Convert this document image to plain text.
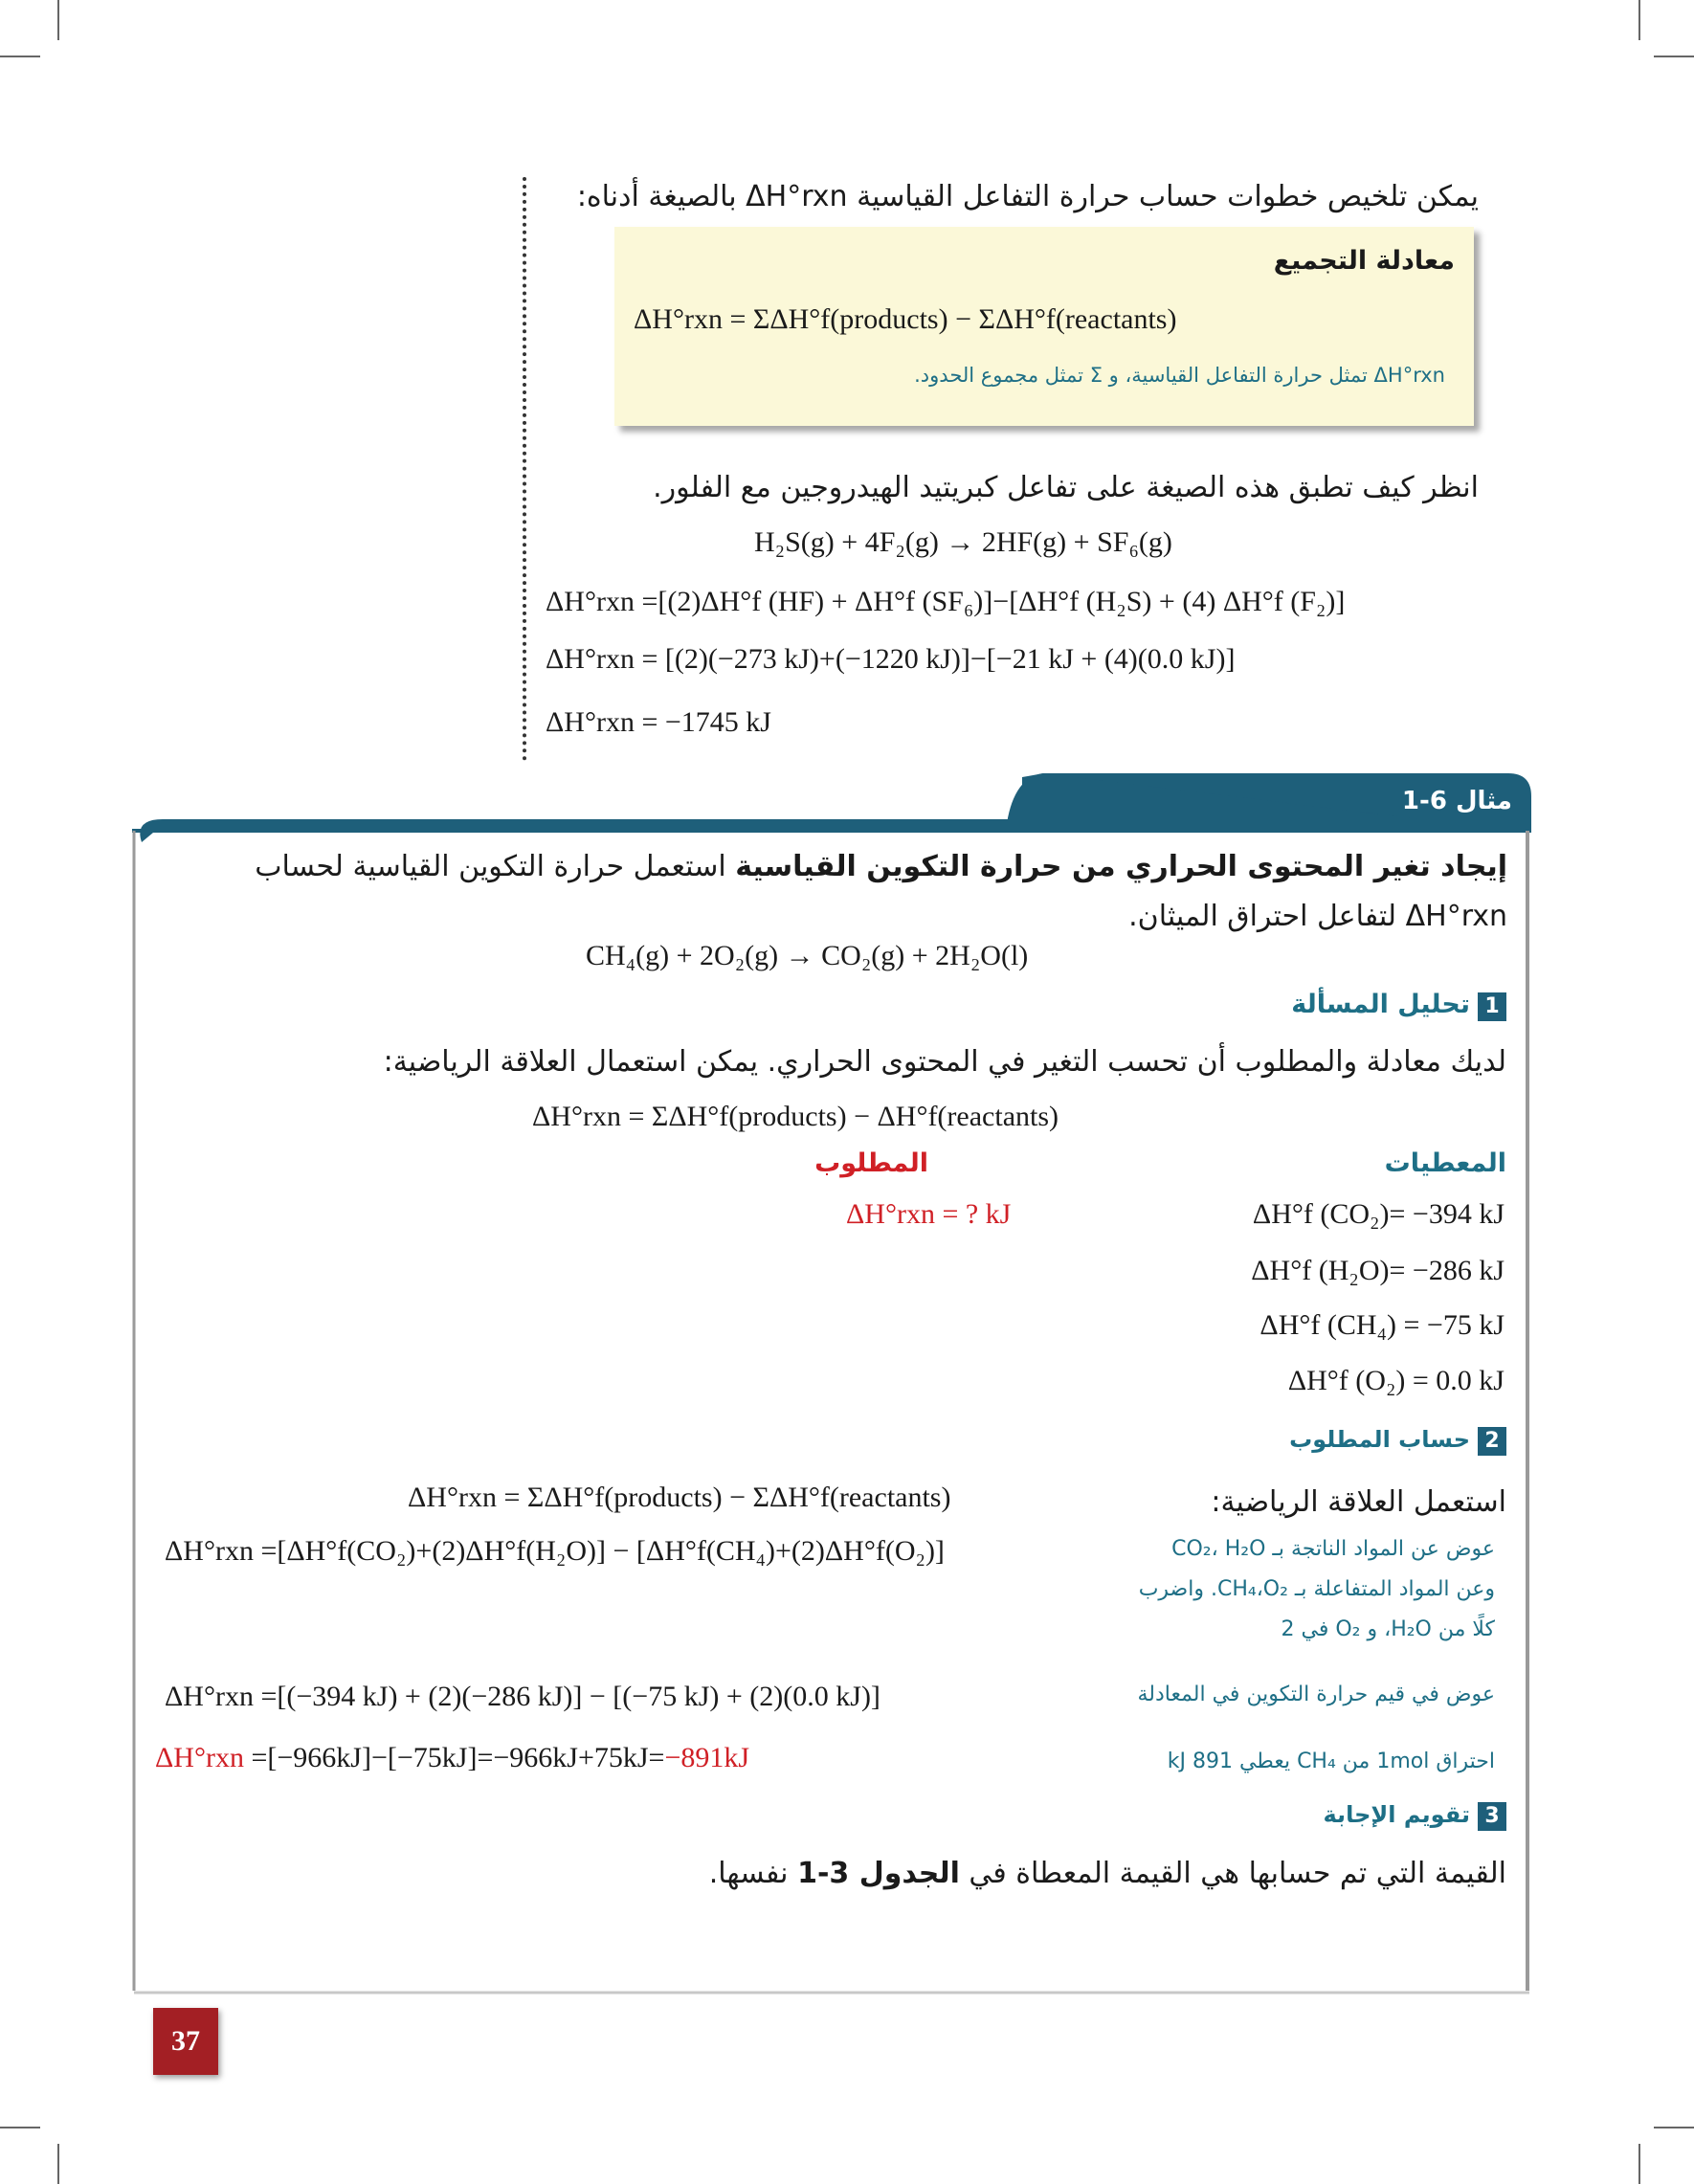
يمكن تلخيص خطوات حساب حرارة التفاعل القياسية ΔH°rxn بالصيغة أدناه:
معادلة التجميع
ΔH°rxn = ΣΔH°f(products) − ΣΔH°f(reactants)
ΔH°rxn تمثل حرارة التفاعل القياسية، و Σ تمثل مجموع الحدود.
انظر كيف تطبق هذه الصيغة على تفاعل كبريتيد الهيدروجين مع الفلور.
H₂S(g) + 4F₂(g) → 2HF(g) + SF₆(g)
ΔH°rxn =[(2)ΔH°f (HF) + ΔH°f (SF₆)]−[ΔH°f (H₂S) + (4) ΔH°f (F₂)]
ΔH°rxn = [(2)(−273 kJ)+(−1220 kJ)]−[−21 kJ + (4)(0.0 kJ)]
ΔH°rxn = −1745 kJ
مثال 6-1
إيجاد تغير المحتوى الحراري من حرارة التكوين القياسية استعمل حرارة التكوين القياسية لحساب ΔH°rxn لتفاعل احتراق الميثان.
CH₄(g) + 2O₂(g) → CO₂(g) + 2H₂O(l)
1تحليل المسألة
لديك معادلة والمطلوب أن تحسب التغير في المحتوى الحراري. يمكن استعمال العلاقة الرياضية:
ΔH°rxn = ΣΔH°f(products) − ΔH°f(reactants)
المعطيات
المطلوب
ΔH°rxn = ? kJ	ΔH°f (CO₂)= −394 kJ
ΔH°f (H₂O)= −286 kJ
ΔH°f (CH₄) = −75 kJ
ΔH°f (O₂) = 0.0 kJ
2حساب المطلوب
استعمل العلاقة الرياضية:
ΔH°rxn = ΣΔH°f(products) − ΣΔH°f(reactants)
عوض عن المواد الناتجة بـ CO₂، H₂O
وعن المواد المتفاعلة بـ CH₄،O₂. واضرب
كلًا من H₂O، و O₂ في 2
ΔH°rxn =[ΔH°f(CO₂)+(2)ΔH°f(H₂O)] − [ΔH°f(CH₄)+(2)ΔH°f(O₂)]
عوض في قيم حرارة التكوين في المعادلة
ΔH°rxn =[(−394 kJ) + (2)(−286 kJ)] − [(−75 kJ) + (2)(0.0 kJ)]
احتراق 1mol من CH₄ يعطي 891 kJ
ΔH°rxn =[−966kJ]−[−75kJ]=−966kJ+75kJ=−891kJ
3تقويم الإجابة
القيمة التي تم حسابها هي القيمة المعطاة في الجدول 3-1 نفسها.
37
